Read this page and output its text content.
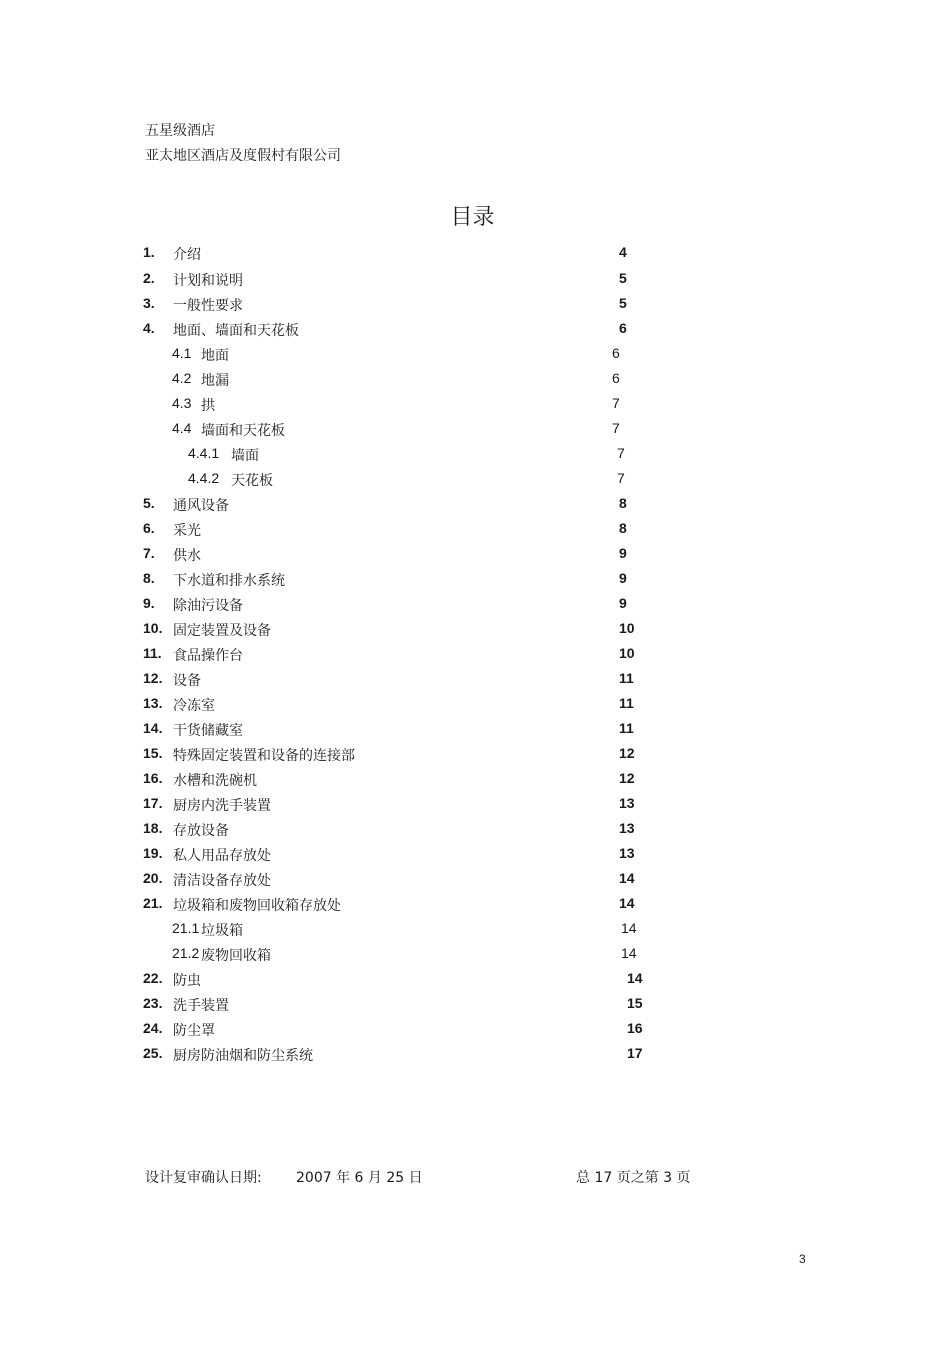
五星级酒店
亚太地区酒店及度假村有限公司
目录
1. 介绍	4
2. 计划和说明	5
3. 一般性要求	5
4. 地面、墙面和天花板	6
4.1 地面	6
4.2 地漏	6
4.3 拱	7
4.4 墙面和天花板	7
4.4.1 墙面	7
4.4.2 天花板	7
5. 通风设备	8
6. 采光	8
7. 供水	9
8. 下水道和排水系统	9
9. 除油污设备	9
10. 固定装置及设备	10
11. 食品操作台	10
12. 设备	11
13. 冷冻室	11
14. 干货储藏室	11
15. 特殊固定装置和设备的连接部	12
16. 水槽和洗碗机	12
17. 厨房内洗手装置	13
18. 存放设备	13
19. 私人用品存放处	13
20. 清洁设备存放处	14
21. 垃圾箱和废物回收箱存放处	14
21.1 垃圾箱	14
21.2 废物回收箱	14
22. 防虫	14
23. 洗手装置	15
24. 防尘罩	16
25. 厨房防油烟和防尘系统	17
设计复审确认日期: 2007 年 6 月 25 日	总 17 页之第 3 页
3
